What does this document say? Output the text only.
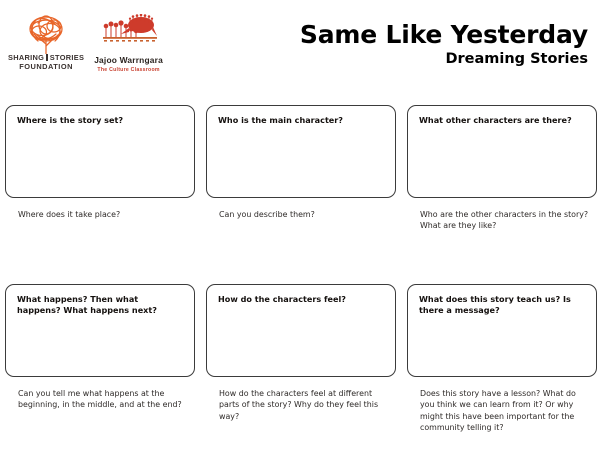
SHARING STORIES
FOUNDATION
Jajoo Warrngara
The Culture Classroom
Same Like Yesterday
Dreaming Stories

Where is the story set?

Where does it take place?

Who is the main character?

Can you describe them?

What other characters are there?

Who are the other characters in the story? What are they like?

What happens? Then what happens? What happens next?

Can you tell me what happens at the beginning, in the middle, and at the end?

How do the characters feel?

How do the characters feel at different parts of the story? Why do they feel this way?

What does this story teach us? Is there a message?

Does this story have a lesson? What do you think we can learn from it? Or why might this have been important for the community telling it?
